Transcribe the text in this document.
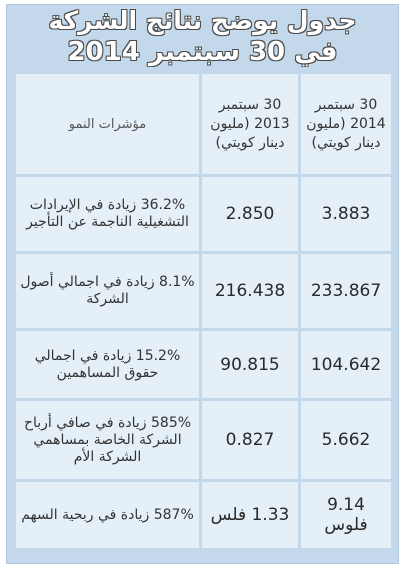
جدول يوضح نتائج الشركة
في 30 سبتمبر 2014
30 سبتمبر 2014 (مليون دينار كويتي)	30 سبتمبر 2013 (مليون دينار كويتي)	مؤشرات النمو
3.883	2.850	36.2% زيادة في الإيرادات التشغيلية الناجمة عن التأجير
233.867	216.438	8.1% زيادة في اجمالي أصول الشركة
104.642	90.815	15.2% زيادة في اجمالي حقوق المساهمين
5.662	0.827	585% زيادة في صافي أرباح الشركة الخاصة بمساهمي الشركة الأم
9.14 فلوس	1.33 فلس	587% زيادة في ربحية السهم
